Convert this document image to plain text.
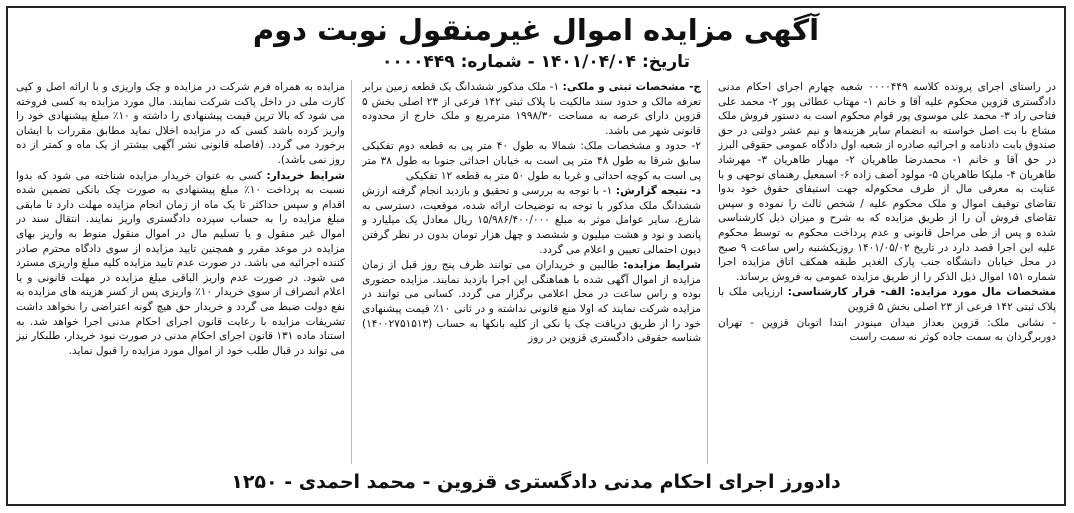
آگهی مزایده اموال غیرمنقول نوبت دوم
تاریخ: ۱۴۰۱/۰۴/۰۴ - شماره: ۰۰۰۰۴۴۹

در راستای اجرای پرونده کلاسه ۰۰۰۰۴۴۹ شعبه چهارم اجرای احکام مدنی دادگستری قزوین محکوم علیه آقا و خانم ۱- مهتاب عطائی پور ۲- محمد علی فتاحی راد ۳- محمد علی موسوی پور قوام محکوم است به دستور فروش ملک مشاع با بت اصل خواسته به انضمام سایر هزینه‌ها و نیم عشر دولتی در حق صندوق بابت دادنامه و اجرائیه صادره از شعبه اول دادگاه عمومی حقوقی البرز در حق آقا و خانم ۱- محمدرضا طاهریان ۲- مهیار طاهریان ۳- مهرشاد طاهریان ۴- ملیکا طاهریان ۵- مولود آصف زاده ۶- اسمعیل رهنمای نوحهی و با عنایت به معرفی مال از طرف محکوم‌له جهت استیفای حقوق خود بدوا تقاضای توقیف اموال و ملک محکوم علیه / شخص ثالث را نموده و سپس تقاضای فروش آن را از طریق مزایده که به شرح و میزان ذیل کارشناسی شده و پس از طی مراحل قانونی و عدم پرداخت محکوم به توسط محکوم علیه این اجرا قصد دارد در تاریخ ۱۴۰۱/۰۵/۰۲ روزیکشنبه راس ساعت ۹ صبح در محل خیابان دانشگاه جنب پارک الغدیر طبقه همکف اتاق مزایده اجرا شماره ۱۵۱ اموال ذیل الذکر را از طریق مزایده عمومی به فروش برساند.

مشخصات مال مورد مزایده: الف- قرار کارشناسی: ارزیابی ملک با پلاک ثبتی ۱۴۲ فرعی از ۲۳ اصلی بخش ۵ قزوین

- نشانی ملک: قزوین بعداز میدان مینودر ابتدا اتوبان قزوین - تهران دوربرگردان به سمت جاده کوثر نه سمت راست

ج- مشخصات ثبتی و ملکی: ۱- ملک مذکور ششدانگ یک قطعه زمین برابر تعرفه مالک و حدود سند مالکیت با پلاک ثبتی ۱۴۲ فرعی از ۲۳ اصلی بخش ۵ قزوین دارای عرصه به مساحت ۱۹۹۸/۳۰ مترمربع و ملک خارج از محدوده قانونی شهر می باشد.

۲- حدود و مشخصات ملک: شمالا به طول ۴۰ متر پی به قطعه دوم تفکیکی سابق شرقا به طول ۴۸ متر پی است به خیابان احداثی جنوبا به طول ۳۸ متر پی است به کوچه احداثی و غربا به طول ۵۰ متر به قطعه ۱۲ تفکیکی

د- نتیجه گزارش: ۱- با توجه به بررسی و تحقیق و بازدید انجام گرفته ارزش ششدانگ ملک مذکور با توجه به توضیحات ارائه شده، موقعیت، دسترسی به شارع، سایر عوامل موثر به مبلغ ۱۵/۹۸۶/۴۰۰/۰۰۰ ریال معادل یک میلیارد و پانصد و نود و هشت میلیون و ششصد و چهل هزار تومان بدون در نظر گرفتن دیون احتمالی تعیین و اعلام می گردد.

شرایط مزایده: طالبین و خریداران می توانند ظرف پنج روز قبل از زمان مزایده از اموال آگهی شده با هماهنگی این اجرا بازدید نمایند. مزایده حضوری بوده و راس ساعت در محل اعلامی برگزار می گردد. کسانی می توانند در مزایده شرکت نمایند که اولا منع قانونی نداشته و در ثانی ۱۰٪ قیمت پیشنهادی خود را از طریق دریافت چک یا نکی از کلیه بانکها به حساب (۱۴۰۰۲۷۵۱۵۱۳) شناسه حقوقی دادگستری قزوین در روز

مزایده به همراه فرم شرکت در مزایده و چک واریزی و با ارائه اصل و کپی کارت ملی در داخل پاکت شرکت نمایند. مال مورد مزایده به کسی فروخته می شود که بالا ترین قیمت پیشنهادی را داشته و ۱۰٪ مبلغ پیشنهادی خود را واریز کرده باشد کسی که در مزایده اخلال نماید مطابق مقررات با ایشان برخورد می گردد. (فاصله قانونی نشر آگهی بیشتر از یک ماه و کمتر از ده روز نمی باشد).

شرایط خریدار: کسی به عنوان خریدار مزایده شناخته می شود که بدوا نسبت به پرداخت ۱۰٪ مبلغ پیشنهادی به صورت چک بانکی تضمین شده اقدام و سپس حداکثر تا یک ماه از زمان انجام مزایده مهلت دارد تا مابقی مبلغ مزایده را به حساب سپرده دادگستری واریز نمایند. انتقال سند در اموال غیر منقول و یا تسلیم مال در اموال منقول منوط به واریز بهای مزایده در موعد مقرر و همچنین تایید مزایده از سوی دادگاه محترم صادر کننده اجرائیه می باشد. در صورت عدم تایید مزایده کلیه مبلغ واریزی مسترد می شود. در صورت عدم واریز الباقی مبلغ مزایده در مهلت قانونی و یا اعلام انصراف از سوی خریدار ۱۰٪ واریزی پس از کسر هزینه های مزایده به نفع دولت ضبط می گردد و خریدار حق هیچ گونه اعتراضی را نخواهد داشت تشریفات مزایده با رعایت قانون اجرای احکام مدنی اجرا خواهد شد. به استناد ماده ۱۳۱ قانون اجرای احکام مدنی در صورت نبود خریدار، طلبکار نیز می تواند در قبال طلب خود از اموال مورد مزایده را قبول نماید.

دادورز اجرای احکام مدنی دادگستری قزوین - محمد احمدی - ۱۲۵۰
